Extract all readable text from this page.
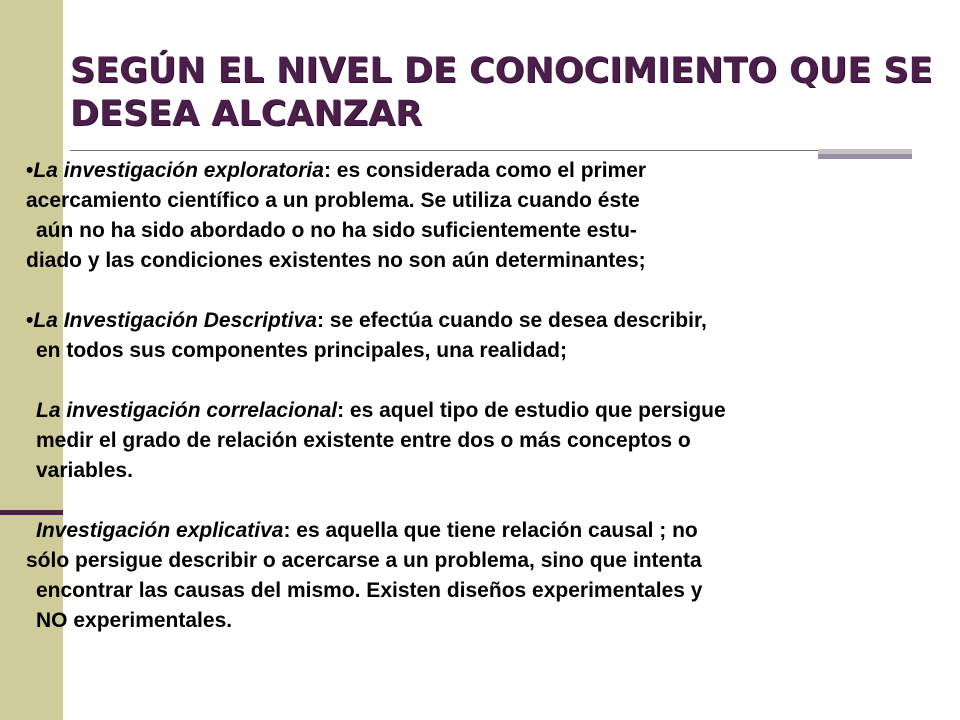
SEGÚN EL NIVEL DE CONOCIMIENTO QUE SE
DESEA ALCANZAR
•La investigación exploratoria: es considerada como el primer
acercamiento científico a un problema. Se utiliza cuando éste
aún no ha sido abordado o no ha sido suficientemente estu-
diado y las condiciones existentes no son aún determinantes;
•La Investigación Descriptiva: se efectúa cuando se desea describir,
en todos sus componentes principales, una realidad;
La investigación correlacional: es aquel tipo de estudio que persigue
medir el grado de relación existente entre dos o más conceptos o
variables.
Investigación explicativa: es aquella que tiene relación causal ; no
sólo persigue describir o acercarse a un problema, sino que intenta
encontrar las causas del mismo. Existen diseños experimentales y
NO experimentales.
